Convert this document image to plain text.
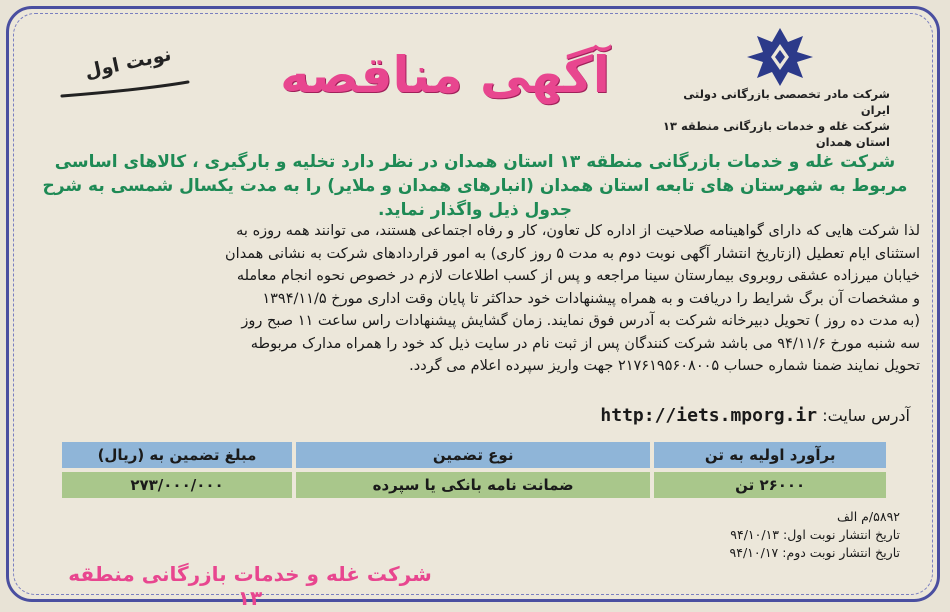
شرکت مادر تخصصی بازرگانی دولتی ایران
شرکت غله و خدمات بازرگانی منطقه ۱۳
استان همدان
آگهی مناقصه
نوبت اول
شرکت غله و خدمات بازرگانی منطقه ۱۳ استان همدان در نظر دارد تخلیه و بارگیری ، کالاهای اساسی مربوط به شهرستان های تابعه استان همدان (انبارهای همدان و ملایر) را به مدت یکسال شمسی به شرح جدول ذیل واگذار نماید.
لذا شرکت هایی که دارای گواهینامه صلاحیت از اداره کل تعاون، کار و رفاه اجتماعی هستند، می توانند همه روزه به
استثنای ایام تعطیل (ازتاریخ انتشار آگهی نوبت دوم به مدت ۵ روز کاری) به امور قراردادهای شرکت به نشانی همدان
خیابان میرزاده عشقی روبروی بیمارستان سینا مراجعه و پس از کسب اطلاعات لازم در خصوص نحوه انجام معامله
و مشخصات آن برگ شرایط را دریافت و به همراه پیشنهادات خود حداکثر تا پایان وقت اداری مورخ ۱۳۹۴/۱۱/۵
(به مدت ده روز ) تحویل دبیرخانه شرکت به آدرس فوق نمایند. زمان گشایش پیشنهادات راس ساعت ۱۱ صبح روز
سه شنبه مورخ ۹۴/۱۱/۶ می باشد شرکت کنندگان پس از ثبت نام در سایت ذیل کد خود را همراه مدارک مربوطه
تحویل نمایند ضمنا شماره حساب ۲۱۷۶۱۹۵۶۰۸۰۰۵ جهت واریز سپرده اعلام می گردد.
آدرس سایت: http://iets.mporg.ir
برآورد اولیه به تن	نوع تضمین	مبلغ تضمین به (ریال)
۲۶۰۰۰ تن	ضمانت نامه بانکی یا سپرده	۲۷۳/۰۰۰/۰۰۰
۵۸۹۲/م الف
تاریخ انتشار نوبت اول: ۹۴/۱۰/۱۳
تاریخ انتشار نوبت دوم: ۹۴/۱۰/۱۷
شرکت غله و خدمات بازرگانی منطقه ۱۳
